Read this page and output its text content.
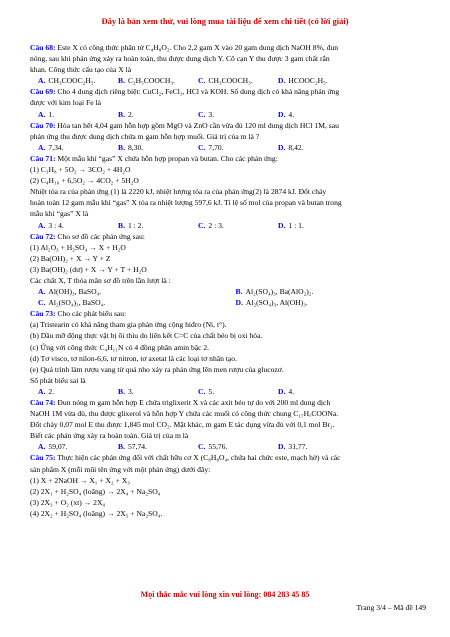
Đây là bản xem thử, vui lòng mua tài liệu để xem chi tiết (có lời giải)
Câu 68: Este X có công thức phân tử C₄H₈O₂. Cho 2,2 gam X vào 20 gam dung dịch NaOH 8%, đun
nóng, sau khi phản ứng xảy ra hoàn toàn, thu được dung dịch Y. Cô cạn Y thu được 3 gam chất rắn
khan. Công thức cấu tạo của X là
A. CH₃COOC₂H₅.	B. C₂H₅COOCH₃.	C. CH₃COOCH₃.	D. HCOOC₂H₅.
Câu 69: Cho 4 dung dịch riêng biệt: CuCl₂, FeCl₃, HCl và KOH. Số dung dịch có khả năng phản ứng
được với kim loại Fe là
A. 1.	B. 2.	C. 3.	D. 4.
Câu 70: Hòa tan hết 4,04 gam hỗn hợp gồm MgO và ZnO cần vừa đủ 120 ml dung dịch HCl 1M, sau
phản ứng thu được dung dịch chứa m gam hỗn hợp muối. Giá trị của m là ?
A. 7,34.	B. 8,30.	C. 7,70.	D. 8,42.
Câu 71: Một mẫu khí “gas” X chứa hỗn hợp propan và butan. Cho các phản ứng:
(1) C₃H₈ + 5O₂ → 3CO₂ + 4H₂O
(2) C₄H₁₀ + 6,5O₂ → 4CO₂ + 5H₂O
Nhiệt tỏa ra của phản ứng (1) là 2220 kJ, nhiệt lượng tỏa ra của phản ứng(2) là 2874 kJ. Đốt cháy
hoàn toàn 12 gam mẫu khí “gas” X tỏa ra nhiệt lượng 597,6 kJ. Tỉ lệ số mol của propan và butan trong
mẫu khí “gas” X là
A. 3 : 4.	B. 1 : 2.	C. 2 : 3.	D. 1 : 1.
Câu 72: Cho sơ đồ các phản ứng sau:
(1) Al₂O₃ + H₂SO₄ → X + H₂O
(2) Ba(OH)₂ + X → Y + Z
(3) Ba(OH)₂ (dư) + X → Y + T + H₂O
Các chất X, T thỏa mãn sơ đồ trên lần lượt là :
A. Al(OH)₃, BaSO₄.	B. Al₂(SO₄)₃, Ba(AlO₂)₂.
C. Al₂(SO₄)₃, BaSO₄.	D. Al₂(SO₄)₃, Al(OH)₃.
Câu 73: Cho các phát biểu sau:
(a) Tristearin có khả năng tham gia phản ứng cộng hiđro (Ni, t°).
(b) Dầu mỡ động thực vật bị ôi thiu do liên kết C=C của chất béo bị oxi hóa.
(c) Ứng với công thức C₄H₁₁N có 4 đồng phân amin bậc 2.
(d) Tơ visco, tơ nilon-6,6, tơ nitron, tơ axetat là các loại tơ nhân tạo.
(e) Quả trình làm rượu vang từ quả nho xảy ra phản ứng lên men rượu của glucozơ.
Số phát biểu sai là
A. 2.	B. 3.	C. 5.	D. 4.
Câu 74: Đun nóng m gam hỗn hợp E chứa triglixerit X và các axit béo tự do với 200 ml dung dịch
NaOH 1M vừa đủ, thu được glixerol và hỗn hợp Y chứa các muối có công thức chung C₁₇HₓCOONa.
Đốt cháy 0,07 mol E thu được 1,845 mol CO₂. Mặt khác, m gam E tác dụng vừa đủ với 0,1 mol Br₂.
Biết các phản ứng xảy ra hoàn toàn. Giá trị của m là
A. 59,07.	B. 57,74.	C. 55,76.	D. 31,77.
Câu 75: Thực hiện các phản ứng đối với chất hữu cơ X (C₈H₈O₄, chứa hai chức este, mạch hở) và các
sản phẩm X (mỗi mũi tên ứng với một phản ứng) dưới đây:
(1) X + 2NaOH → X₁ + X₂ + X₃
(2) 2X₁ + H₂SO₄ (loãng) → 2X₄ + Na₂SO₄
(3) 2X₃ + O₂ (xt) → 2X₄
(4) 2X₂ + H₂SO₄ (loãng) → 2X₅ + Na₂SO₄.
Mọi thắc mắc vui lòng xin vui lòng: 084 283 45 85
Trang 3/4 – Mã đề 149
